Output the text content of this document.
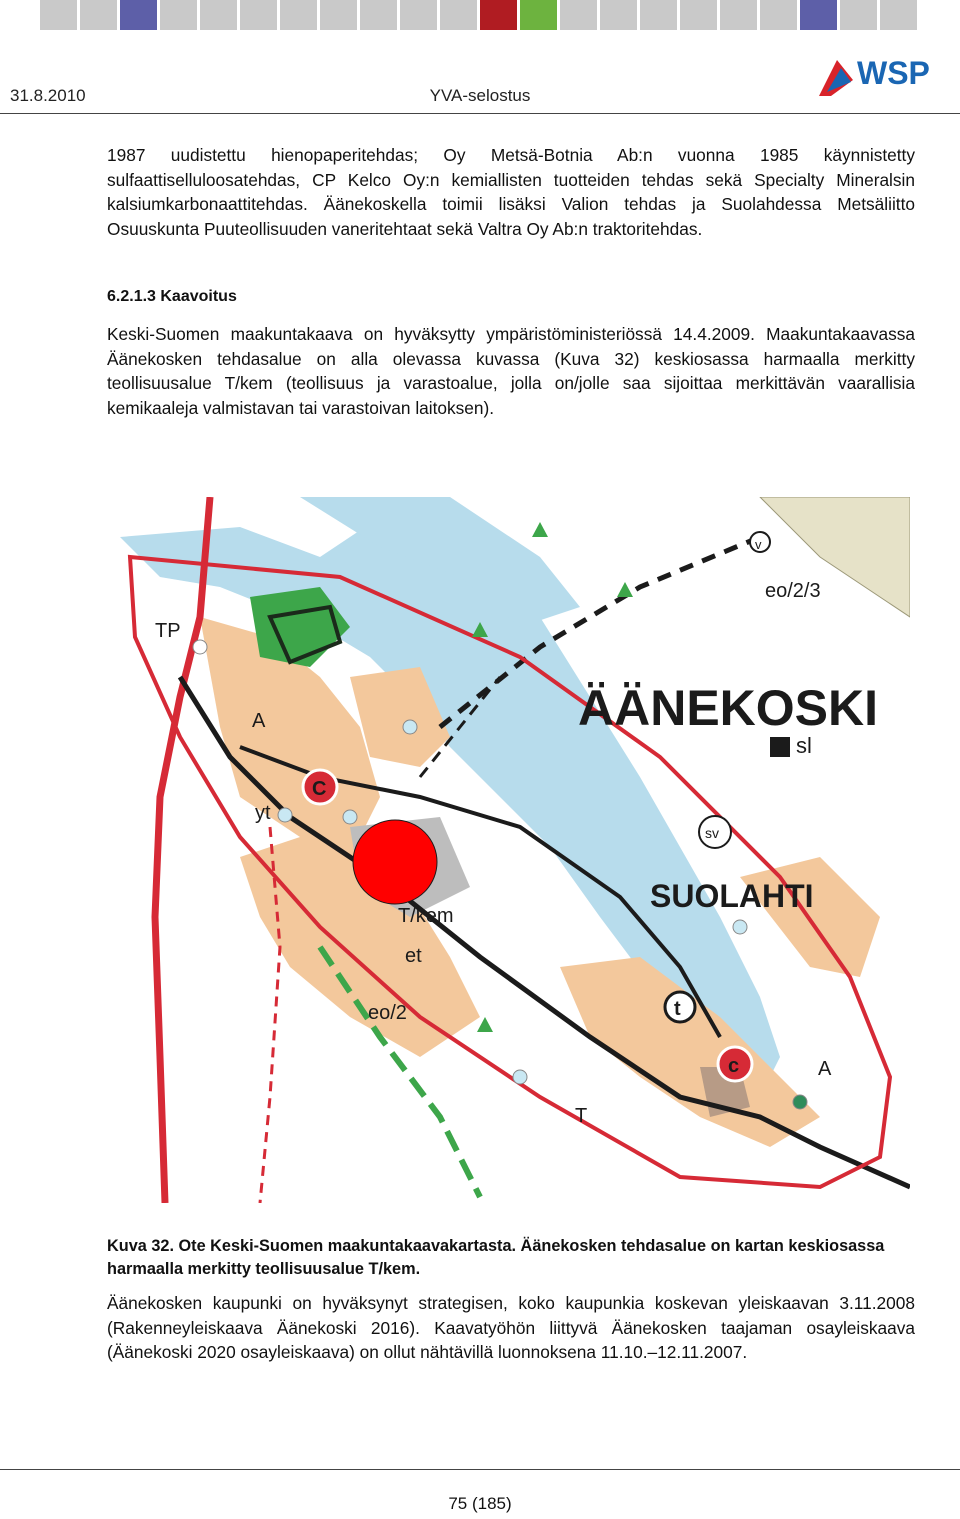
31.8.2010	YVA-selostus
WSP
1987 uudistettu hienopaperitehdas; Oy Metsä-Botnia Ab:n vuonna 1985 käynnistetty sulfaattiselluloosatehdas, CP Kelco Oy:n kemiallisten tuotteiden tehdas sekä Specialty Mineralsin kalsiumkarbonaattitehdas. Äänekoskella toimii lisäksi Valion tehdas ja Suolahdessa Metsäliitto Osuuskunta Puuteollisuuden vaneritehtaat sekä Valtra Oy Ab:n traktoritehdas.
6.2.1.3 Kaavoitus
Keski-Suomen maakuntakaava on hyväksytty ympäristöministeriössä 14.4.2009. Maakuntakaavassa Äänekosken tehdasalue on alla olevassa kuvassa (Kuva 32) keskiosassa harmaalla merkitty teollisuusalue T/kem (teollisuus ja varastoalue, jolla on/jolle saa sijoittaa merkittävän vaarallisia kemikaaleja valmistavan tai varastoivan laitoksen).
C
c
t
v
TP
ÄÄNEKOSKI
eo/2/3
sl
A
yt
sv
SUOLAHTI
T/kem
et
eo/2
A
T
Kuva 32. Ote Keski-Suomen maakuntakaavakartasta. Äänekosken tehdasalue on kartan keskiosassa harmaalla merkitty teollisuusalue T/kem.
Äänekosken kaupunki on hyväksynyt strategisen, koko kaupunkia koskevan yleiskaavan 3.11.2008 (Rakenneyleiskaava Äänekoski 2016). Kaavatyöhön liittyvä Äänekosken taajaman osayleiskaava (Äänekoski 2020 osayleiskaava) on ollut nähtävillä luonnoksena 11.10.–12.11.2007.
75 (185)
